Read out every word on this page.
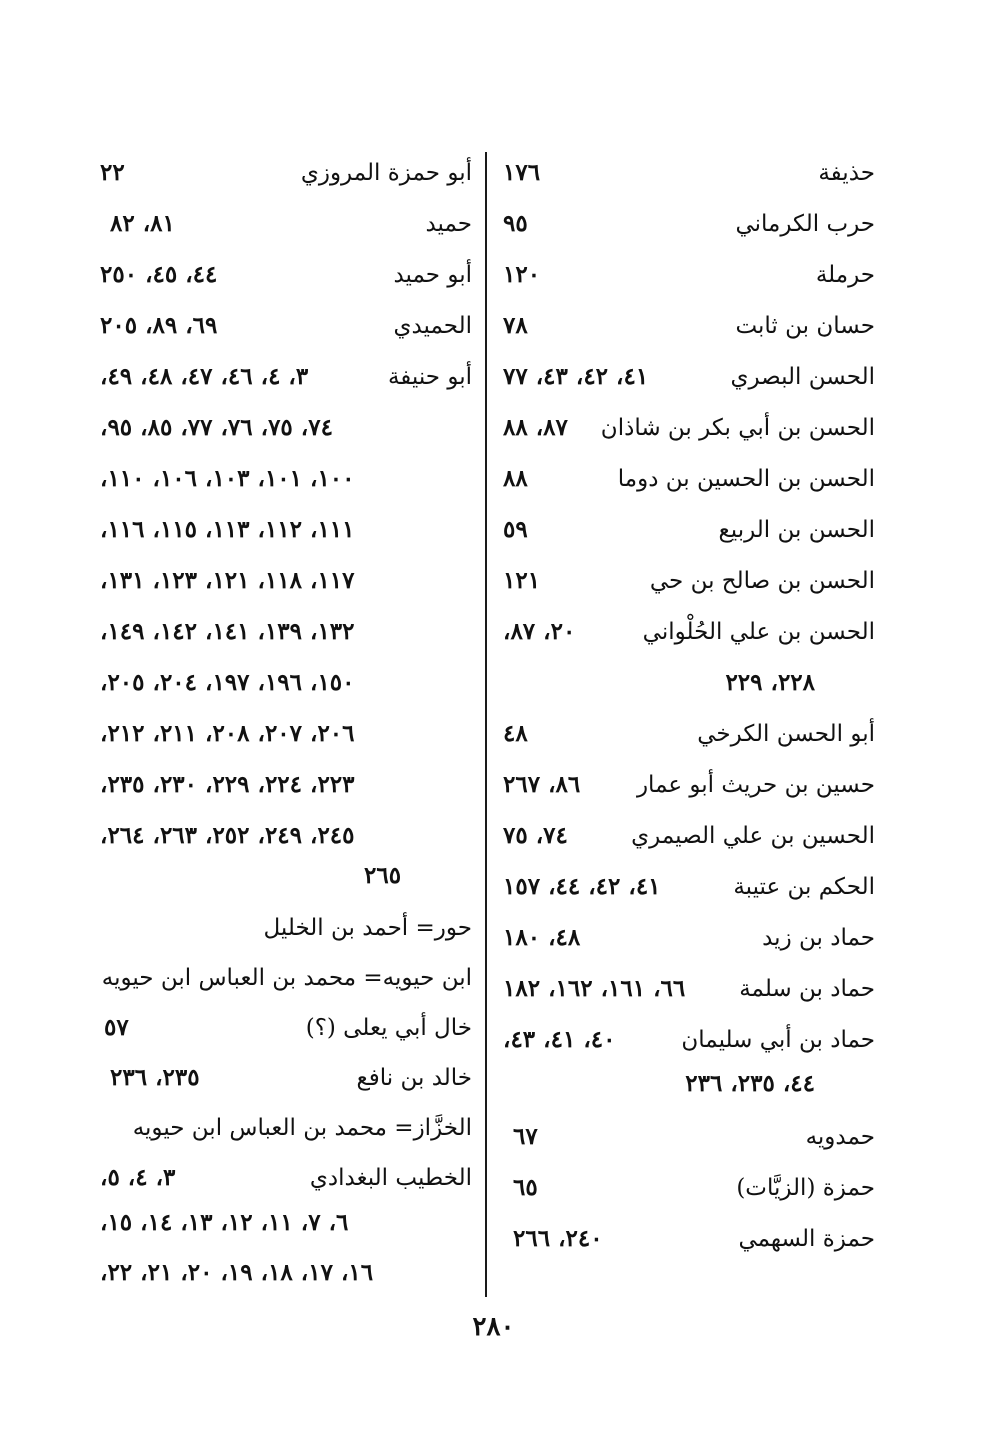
حذيفة
١٧٦
حرب الكرماني
٩٥
حرملة
١٢٠
حسان بن ثابت
٧٨
الحسن البصري
٤١، ٤٢، ٤٣، ٧٧
الحسن بن أبي بكر بن شاذان
٨٧، ٨٨
الحسن بن الحسين بن دوما
٨٨
الحسن بن الربيع
٥٩
الحسن بن صالح بن حي
١٢١
الحسن بن علي الحُلْواني
٢٠، ٨٧،
٢٢٨، ٢٢٩
أبو الحسن الكرخي
٤٨
حسين بن حريث أبو عمار
٨٦، ٢٦٧
الحسين بن علي الصيمري
٧٤، ٧٥
الحكم بن عتيبة
٤١، ٤٢، ٤٤، ١٥٧
حماد بن زيد
٤٨، ١٨٠
حماد بن سلمة
٦٦، ١٦١، ١٦٢، ١٨٢
حماد بن أبي سليمان
٤٠، ٤١، ٤٣،
٤٤، ٢٣٥، ٢٣٦
حمدويه
٦٧
حمزة (الزيَّات)
٦٥
حمزة السهمي
٢٤٠، ٢٦٦
أبو حمزة المروزي
٢٢
حميد
٨١، ٨٢
أبو حميد
٤٤، ٤٥، ٢٥٠
الحميدي
٦٩، ٨٩، ٢٠٥
أبو حنيفة
٣، ٤، ٤٦، ٤٧، ٤٨، ٤٩،
٧٤، ٧٥، ٧٦، ٧٧، ٨٥، ٩٥،
١٠٠، ١٠١، ١٠٣، ١٠٦، ١١٠،
١١١، ١١٢، ١١٣، ١١٥، ١١٦،
١١٧، ١١٨، ١٢١، ١٢٣، ١٣١،
١٣٢، ١٣٩، ١٤١، ١٤٢، ١٤٩،
١٥٠، ١٩٦، ١٩٧، ٢٠٤، ٢٠٥،
٢٠٦، ٢٠٧، ٢٠٨، ٢١١، ٢١٢،
٢٢٣، ٢٢٤، ٢٢٩، ٢٣٠، ٢٣٥،
٢٤٥، ٢٤٩، ٢٥٢، ٢٦٣، ٢٦٤،
٢٦٥
حور= أحمد بن الخليل
ابن حيويه= محمد بن العباس ابن حيويه
خال أبي يعلى (؟)
٥٧
خالد بن نافع
٢٣٥، ٢٣٦
الخزَّاز= محمد بن العباس ابن حيويه
الخطيب البغدادي
٣، ٤، ٥،
٦، ٧، ١١، ١٢، ١٣، ١٤، ١٥،
١٦، ١٧، ١٨، ١٩، ٢٠، ٢١، ٢٢،
٢٨٠
